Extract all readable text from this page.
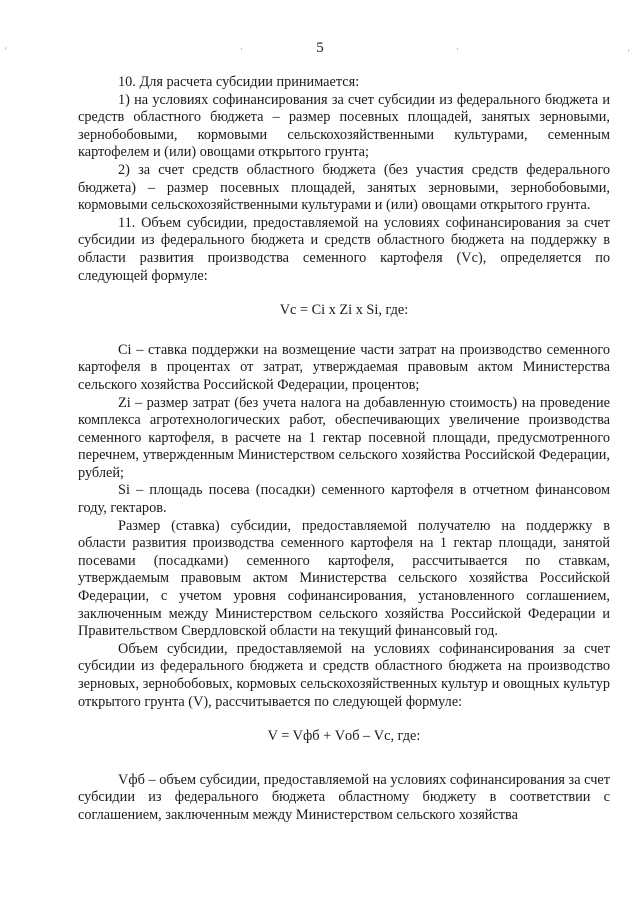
'	·	·	'
5

10. Для расчета субсидии принимается:

1) на условиях софинансирования за счет субсидии из федерального бюджета и средств областного бюджета – размер посевных площадей, занятых зерновыми, зернобобовыми, кормовыми сельскохозяйственными культурами, семенным картофелем и (или) овощами открытого грунта;

2) за счет средств областного бюджета (без участия средств федерального бюджета) – размер посевных площадей, занятых зерновыми, зернобобовыми, кормовыми сельскохозяйственными культурами и (или) овощами открытого грунта.

11. Объем субсидии, предоставляемой на условиях софинансирования за счет субсидии из федерального бюджета и средств областного бюджета на поддержку в области развития производства семенного картофеля (Vc), определяется по следующей формуле:

Vc = Ci x Zi x Si, где:

Ci – ставка поддержки на возмещение части затрат на производство семенного картофеля в процентах от затрат, утверждаемая правовым актом Министерства сельского хозяйства Российской Федерации, процентов;

Zi – размер затрат (без учета налога на добавленную стоимость) на проведение комплекса агротехнологических работ, обеспечивающих увеличение производства семенного картофеля, в расчете на 1 гектар посевной площади, предусмотренного перечнем, утвержденным Министерством сельского хозяйства Российской Федерации, рублей;

Si – площадь посева (посадки) семенного картофеля в отчетном финансовом году, гектаров.

Размер (ставка) субсидии, предоставляемой получателю на поддержку в области развития производства семенного картофеля на 1 гектар площади, занятой посевами (посадками) семенного картофеля, рассчитывается по ставкам, утверждаемым правовым актом Министерства сельского хозяйства Российской Федерации, с учетом уровня софинансирования, установленного соглашением, заключенным между Министерством сельского хозяйства Российской Федерации и Правительством Свердловской области на текущий финансовый год.

Объем субсидии, предоставляемой на условиях софинансирования за счет субсидии из федерального бюджета и средств областного бюджета на производство зерновых, зернобобовых, кормовых сельскохозяйственных культур и овощных культур открытого грунта (V), рассчитывается по следующей формуле:

V = Vфб + Vоб – Vc, где:

Vфб – объем субсидии, предоставляемой на условиях софинансирования за счет субсидии из федерального бюджета областному бюджету в соответствии с соглашением, заключенным между Министерством сельского хозяйства
